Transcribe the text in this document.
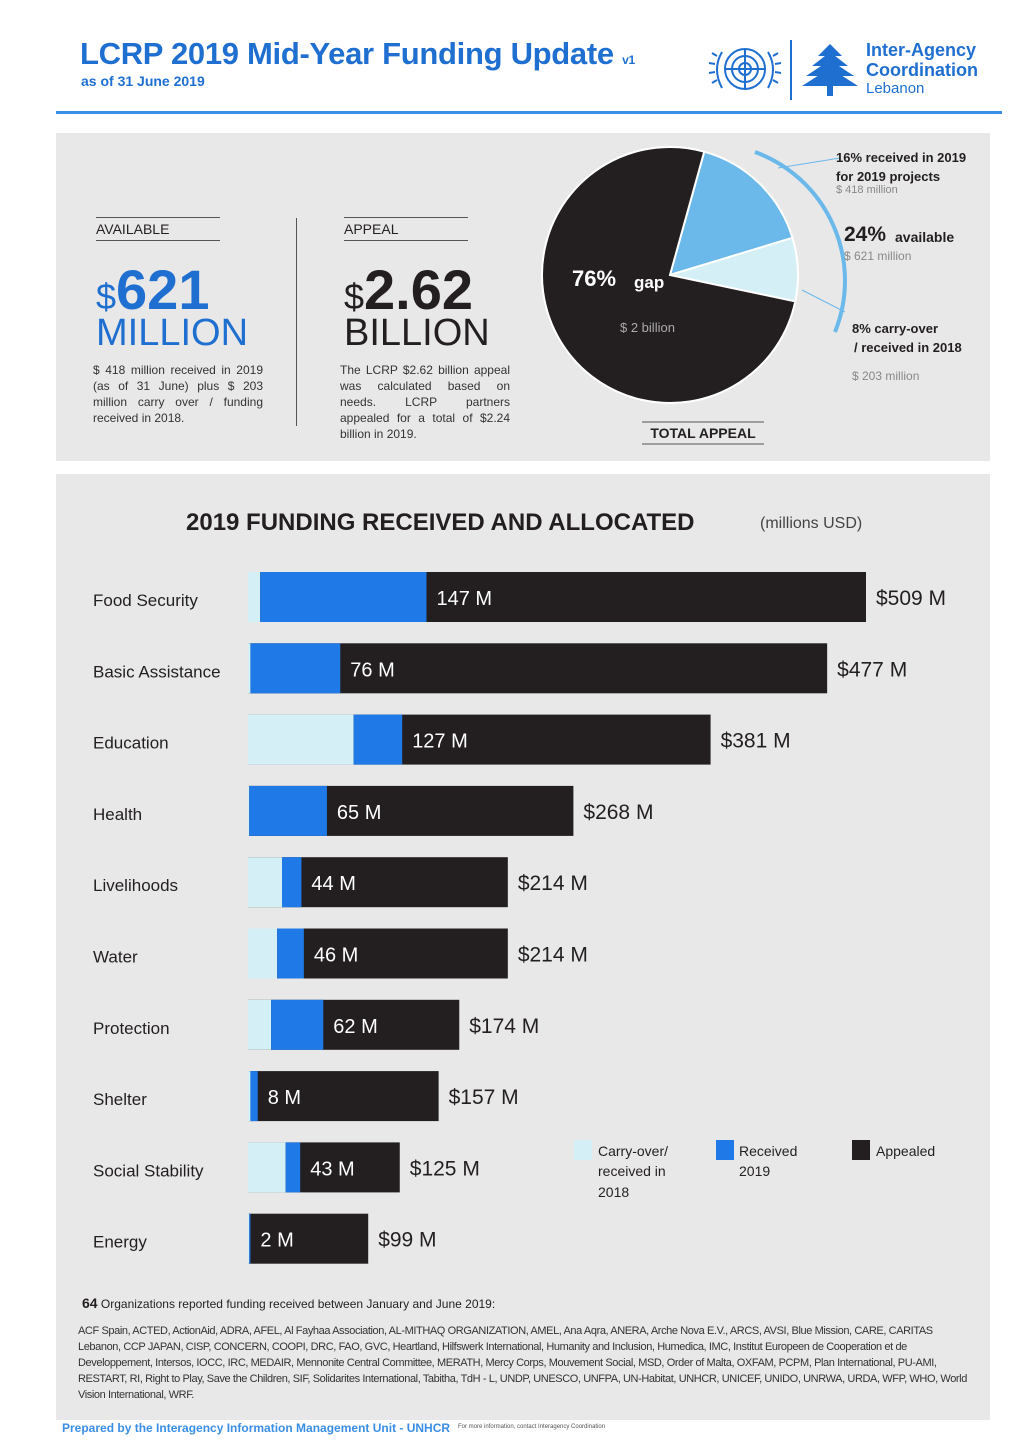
LCRP 2019 Mid-Year Funding Update v1
as of 31 June 2019
Inter-Agency
Coordination
Lebanon
AVAILABLE
$621
MILLION
$ 418 million received in 2019 (as of 31 June) plus $ 203 million carry over / funding received in 2018.
APPEAL
$2.62
BILLION
The LCRP $2.62 billion appeal was calculated based on needs. LCRP partners appealed for a total of $2.24 billion in 2019.
76% gap
$ 2 billion
16% received in 2019
for 2019 projects
$ 418 million
24% available
$ 621 million
8% carry-over
/ received in 2018
$ 203 million
TOTAL APPEAL
2019 FUNDING RECEIVED AND ALLOCATED	(millions USD)
Food Security	147 M	$509 M
Basic Assistance	76 M	$477 M
Education	127 M	$381 M
Health	65 M	$268 M
Livelihoods	44 M	$214 M
Water	46 M	$214 M
Protection	62 M	$174 M
Shelter	8 M	$157 M
Social Stability	43 M	$125 M
Energy	2 M	$99 M
Carry-over/
received in
2018
Received
2019
Appealed
64 Organizations reported funding received between January and June 2019:
ACF Spain, ACTED, ActionAid, ADRA, AFEL, Al Fayhaa Association, AL-MITHAQ ORGANIZATION, AMEL, Ana Aqra, ANERA, Arche Nova E.V., ARCS, AVSI, Blue Mission, CARE, CARITAS Lebanon, CCP JAPAN, CISP, CONCERN, COOPI, DRC, FAO, GVC, Heartland, Hilfswerk International, Humanity and Inclusion, Humedica, IMC, Institut Europeen de Cooperation et de Developpement, Intersos, IOCC, IRC, MEDAIR, Mennonite Central Committee, MERATH, Mercy Corps, Mouvement Social, MSD, Order of Malta, OXFAM, PCPM, Plan International, PU-AMI, RESTART, RI, Right to Play, Save the Children, SIF, Solidarites International, Tabitha, TdH - L, UNDP, UNESCO, UNFPA, UN-Habitat, UNHCR, UNICEF, UNIDO, UNRWA, URDA, WFP, WHO, World Vision International, WRF.
Prepared by the Interagency Information Management Unit - UNHCR For more information, contact Interagency Coordination
